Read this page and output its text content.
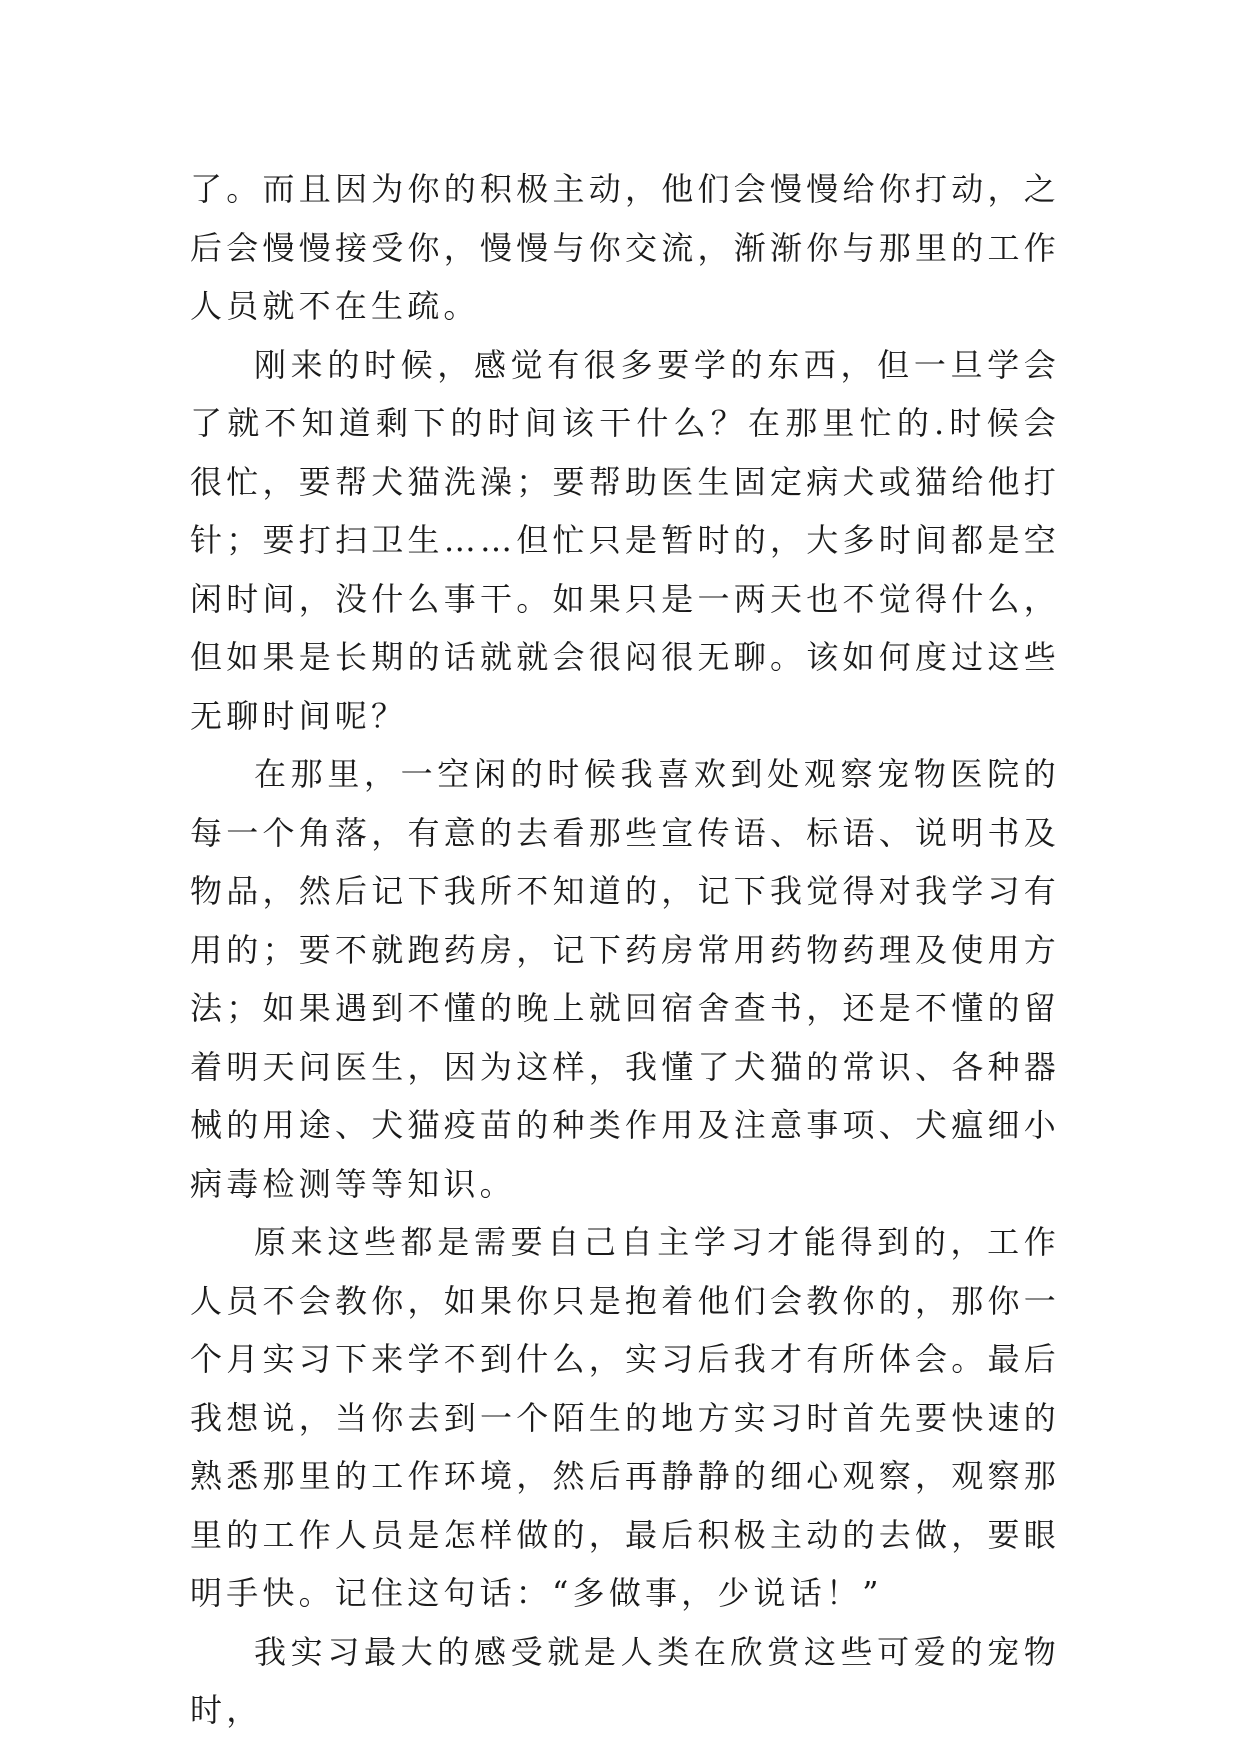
了。而且因为你的积极主动，他们会慢慢给你打动，之后会慢慢接受你，慢慢与你交流，渐渐你与那里的工作人员就不在生疏。

刚来的时候，感觉有很多要学的东西，但一旦学会了就不知道剩下的时间该干什么？在那里忙的.时候会很忙，要帮犬猫洗澡；要帮助医生固定病犬或猫给他打针；要打扫卫生……但忙只是暂时的，大多时间都是空闲时间，没什么事干。如果只是一两天也不觉得什么，但如果是长期的话就就会很闷很无聊。该如何度过这些无聊时间呢？

在那里，一空闲的时候我喜欢到处观察宠物医院的每一个角落，有意的去看那些宣传语、标语、说明书及物品，然后记下我所不知道的，记下我觉得对我学习有用的；要不就跑药房，记下药房常用药物药理及使用方法；如果遇到不懂的晚上就回宿舍查书，还是不懂的留着明天问医生，因为这样，我懂了犬猫的常识、各种器械的用途、犬猫疫苗的种类作用及注意事项、犬瘟细小病毒检测等等知识。

原来这些都是需要自己自主学习才能得到的，工作人员不会教你，如果你只是抱着他们会教你的，那你一个月实习下来学不到什么，实习后我才有所体会。最后我想说，当你去到一个陌生的地方实习时首先要快速的熟悉那里的工作环境，然后再静静的细心观察，观察那里的工作人员是怎样做的，最后积极主动的去做，要眼明手快。记住这句话：“多做事，少说话！”

我实习最大的感受就是人类在欣赏这些可爱的宠物时，
